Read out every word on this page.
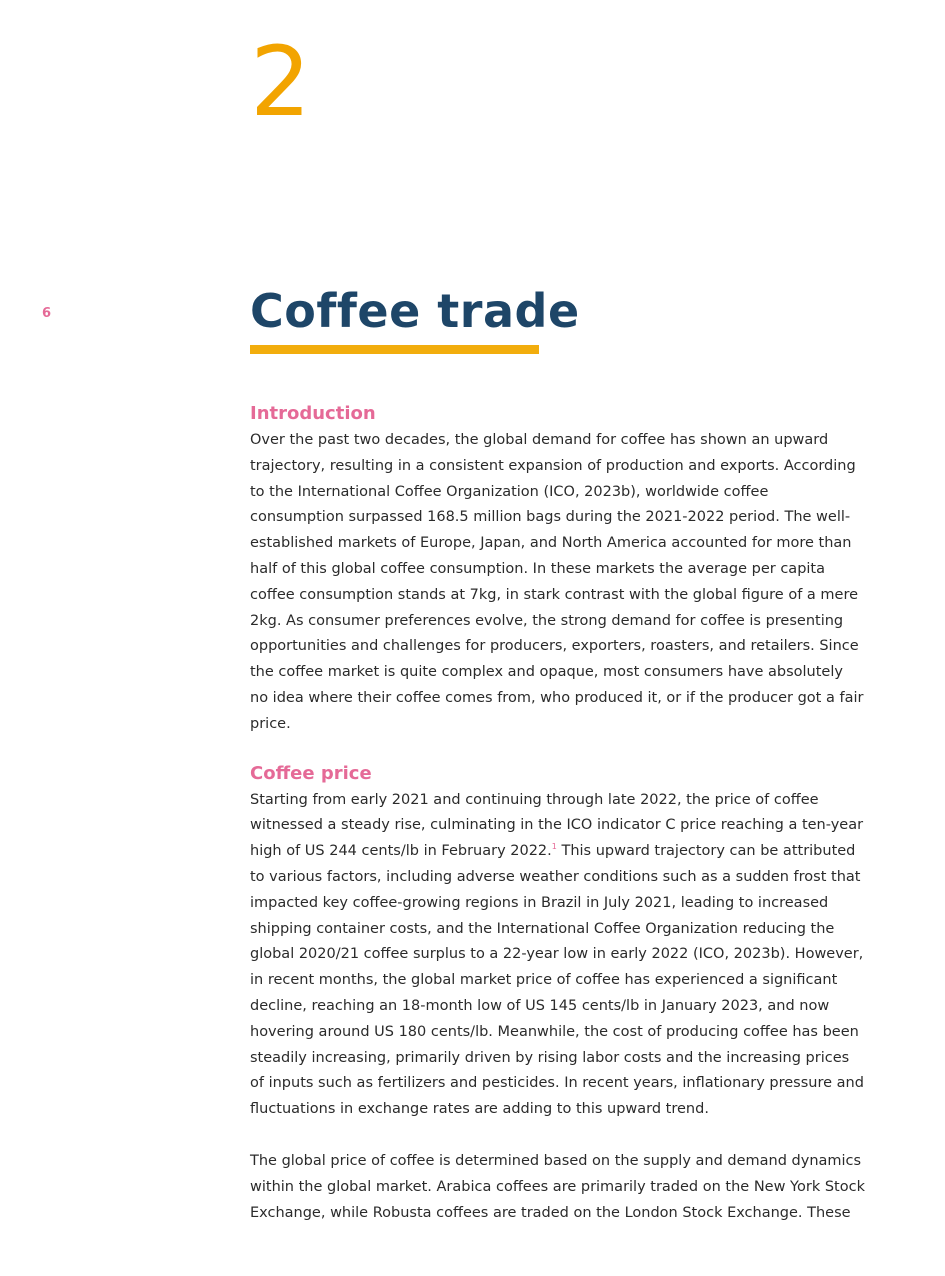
2
6	Coffee trade
Introduction

Over the past two decades, the global demand for coffee has shown an upward trajectory, resulting in a consistent expansion of production and exports. According to the International Coffee Organization (ICO, 2023b), worldwide coffee consumption surpassed 168.5 million bags during the 2021-2022 period. The well-established markets of Europe, Japan, and North America accounted for more than half of this global coffee consumption. In these markets the average per capita coffee consumption stands at 7kg, in stark contrast with the global figure of a mere 2kg. As consumer preferences evolve, the strong demand for coffee is presenting opportunities and challenges for producers, exporters, roasters, and retailers. Since the coffee market is quite complex and opaque, most consumers have absolutely no idea where their coffee comes from, who produced it, or if the producer got a fair price.

Coffee price

Starting from early 2021 and continuing through late 2022, the price of coffee witnessed a steady rise, culminating in the ICO indicator C price reaching a ten-year high of US 244 cents/lb in February 2022.$^1$ This upward trajectory can be attributed to various factors, including adverse weather conditions such as a sudden frost that impacted key coffee-growing regions in Brazil in July 2021, leading to increased shipping container costs, and the International Coffee Organization reducing the global 2020/21 coffee surplus to a 22-year low in early 2022 (ICO, 2023b). However, in recent months, the global market price of coffee has experienced a significant decline, reaching an 18-month low of US 145 cents/lb in January 2023, and now hovering around US 180 cents/lb. Meanwhile, the cost of producing coffee has been steadily increasing, primarily driven by rising labor costs and the increasing prices of inputs such as fertilizers and pesticides. In recent years, inflationary pressure and fluctuations in exchange rates are adding to this upward trend.

The global price of coffee is determined based on the supply and demand dynamics within the global market. Arabica coffees are primarily traded on the New York Stock Exchange, while Robusta coffees are traded on the London Stock Exchange. These
